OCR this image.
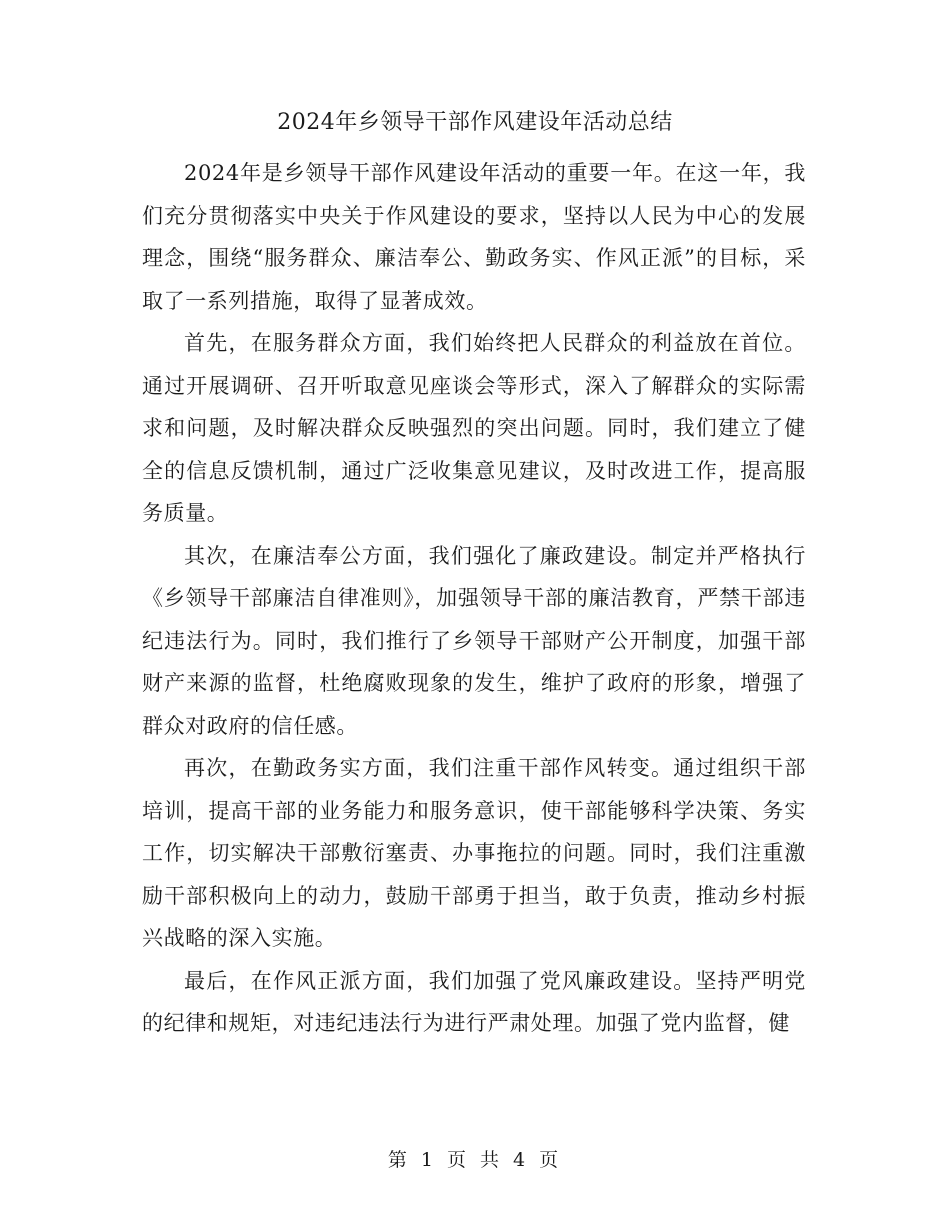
2024年乡领导干部作风建设年活动总结

2024年是乡领导干部作风建设年活动的重要一年。在这一年，我们充分贯彻落实中央关于作风建设的要求，坚持以人民为中心的发展理念，围绕“服务群众、廉洁奉公、勤政务实、作风正派”的目标，采取了一系列措施，取得了显著成效。

首先，在服务群众方面，我们始终把人民群众的利益放在首位。通过开展调研、召开听取意见座谈会等形式，深入了解群众的实际需求和问题，及时解决群众反映强烈的突出问题。同时，我们建立了健全的信息反馈机制，通过广泛收集意见建议，及时改进工作，提高服务质量。

其次，在廉洁奉公方面，我们强化了廉政建设。制定并严格执行《乡领导干部廉洁自律准则》，加强领导干部的廉洁教育，严禁干部违纪违法行为。同时，我们推行了乡领导干部财产公开制度，加强干部财产来源的监督，杜绝腐败现象的发生，维护了政府的形象，增强了群众对政府的信任感。

再次，在勤政务实方面，我们注重干部作风转变。通过组织干部培训，提高干部的业务能力和服务意识，使干部能够科学决策、务实工作，切实解决干部敷衍塞责、办事拖拉的问题。同时，我们注重激励干部积极向上的动力，鼓励干部勇于担当，敢于负责，推动乡村振兴战略的深入实施。

最后，在作风正派方面，我们加强了党风廉政建设。坚持严明党的纪律和规矩，对违纪违法行为进行严肃处理。加强了党内监督，健

第 1 页 共 4 页
